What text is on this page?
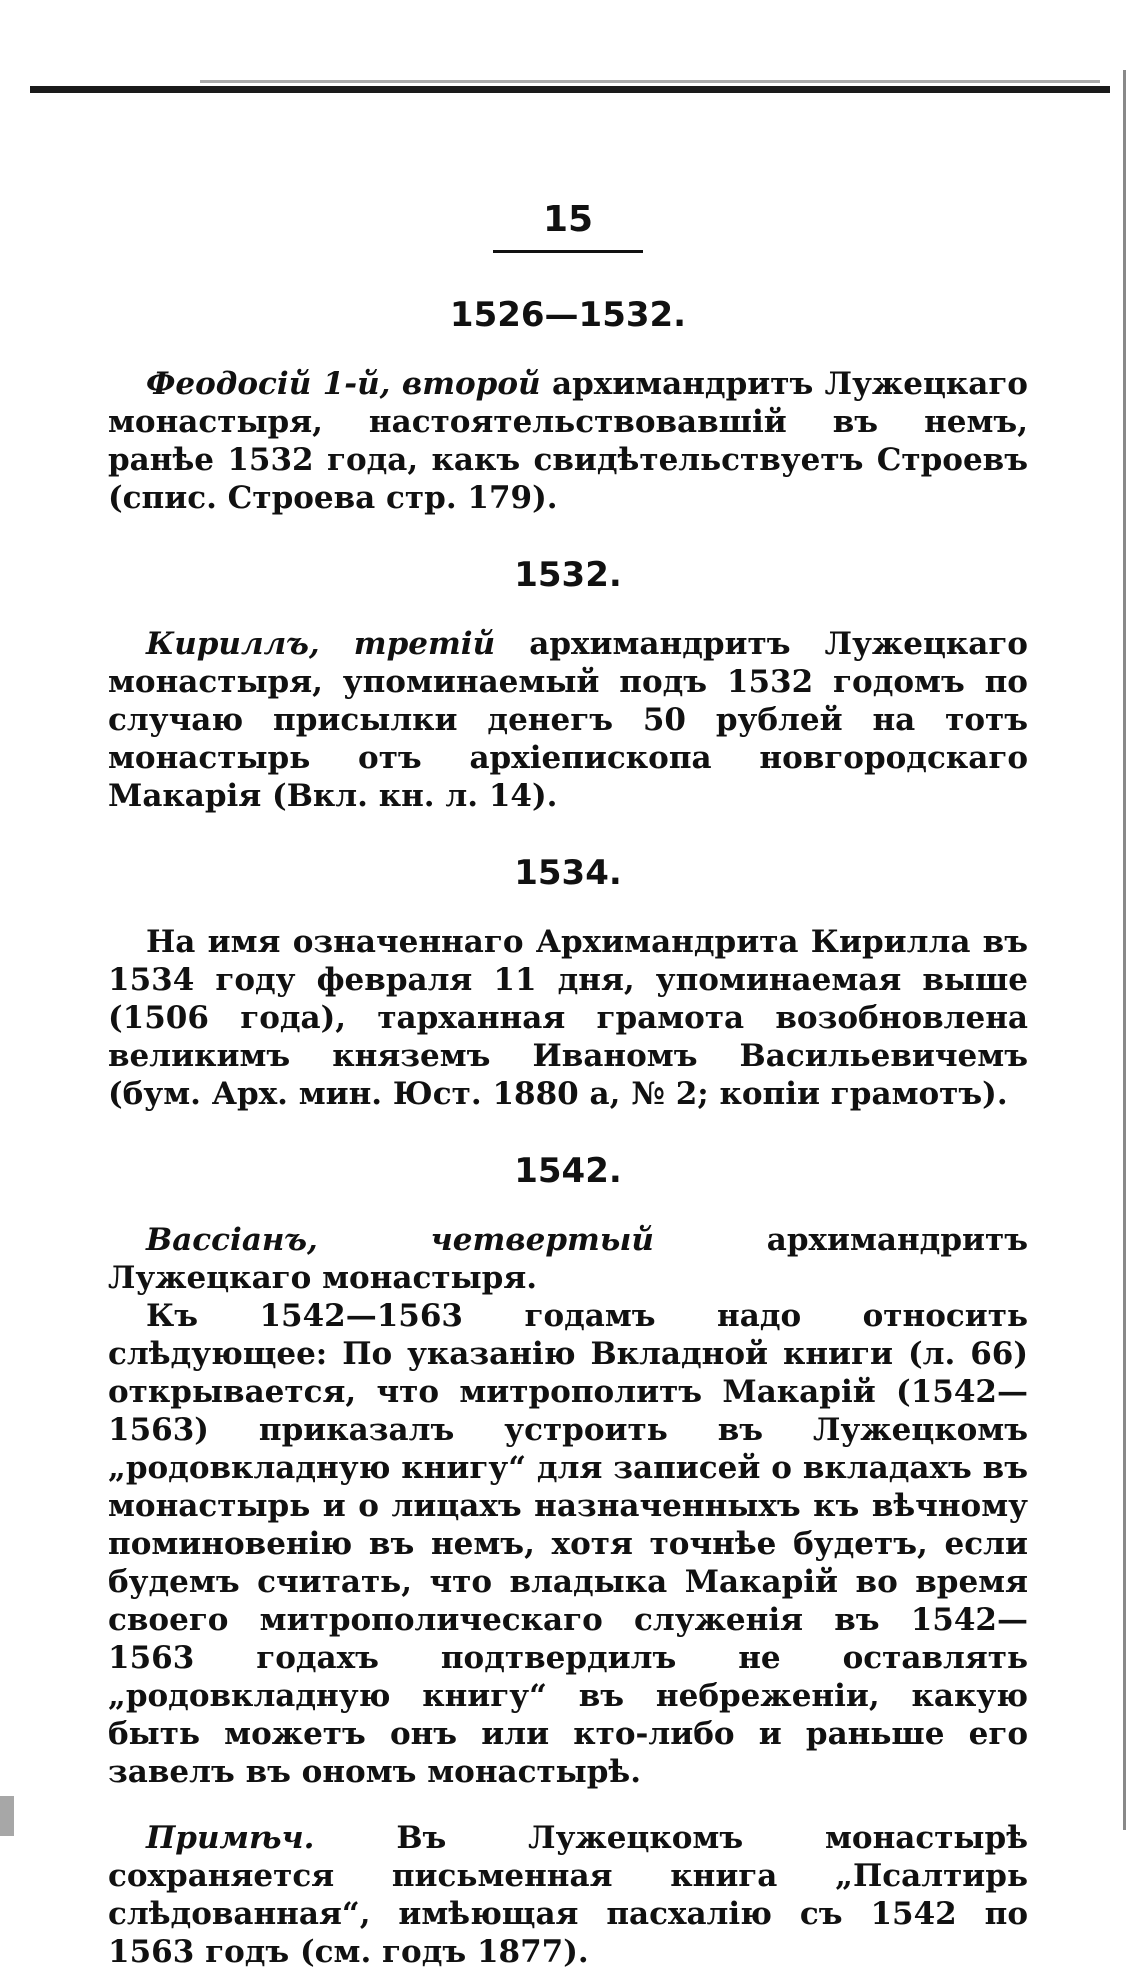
15
1526—1532.

Феодосій 1-й, второй архимандритъ Лужецкаго монастыря, настоятельствовавшій въ немъ, ранѣе 1532 года, какъ свидѣтельствуетъ Строевъ (спис. Строева стр. 179).

1532.

Кириллъ, третій архимандритъ Лужецкаго монастыря, упоминаемый подъ 1532 годомъ по случаю присылки денегъ 50 рублей на тотъ монастырь отъ архіепископа новгородскаго Макарія (Вкл. кн. л. 14).

1534.

На имя означеннаго Архимандрита Кирилла въ 1534 году февраля 11 дня, упоминаемая выше (1506 года), тарханная грамота возобновлена великимъ княземъ Иваномъ Васильевичемъ (бум. Арх. мин. Юст. 1880 а, № 2; копіи грамотъ).

1542.

Вассіанъ, четвертый архимандритъ Лужецкаго монастыря.

Къ 1542—1563 годамъ надо относить слѣдующее: По указанію Вкладной книги (л. 66) открывается, что митрополитъ Макарій (1542—1563) приказалъ устроить въ Лужецкомъ „родовкладную книгу“ для записей о вкладахъ въ монастырь и о лицахъ назначенныхъ къ вѣчному поминовенію въ немъ, хотя точнѣе будетъ, если будемъ считать, что владыка Макарій во время своего митрополическаго служенія въ 1542—1563 годахъ подтвердилъ не оставлять „родовкладную книгу“ въ небреженіи, какую быть можетъ онъ или кто-либо и раньше его завелъ въ ономъ монастырѣ.

Примѣч. Въ Лужецкомъ монастырѣ сохраняется письменная книга „Псалтирь слѣдованная“, имѣющая пасхалію съ 1542 по 1563 годъ (см. годъ 1877).
